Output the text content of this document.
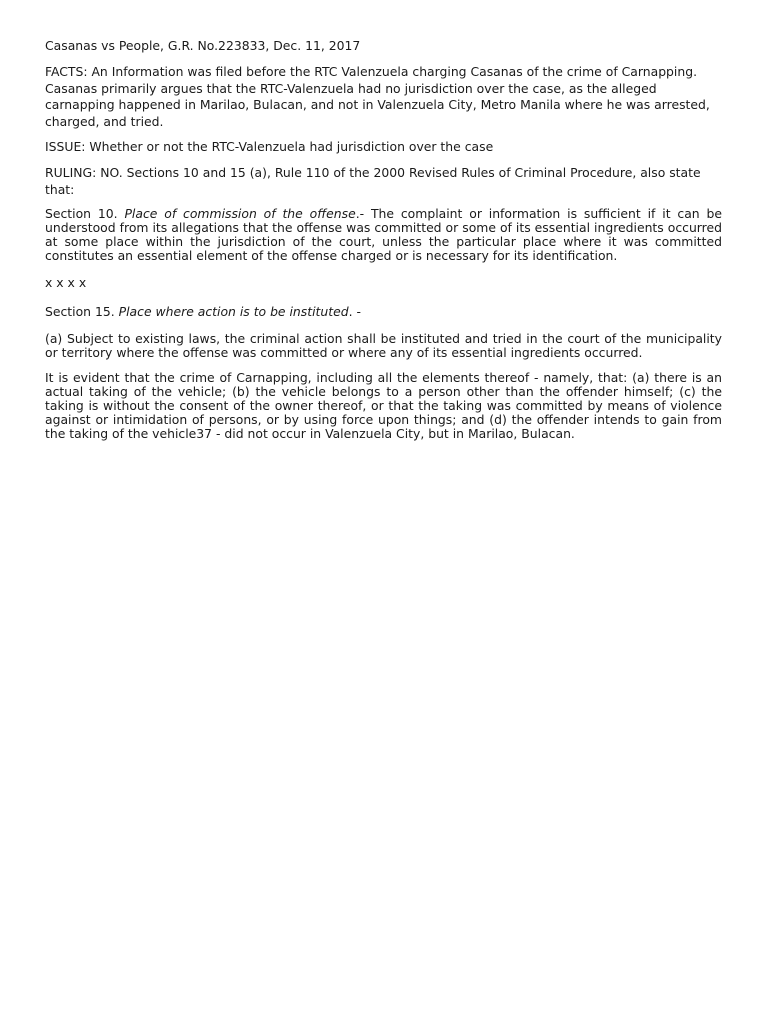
Casanas vs People, G.R. No.223833, Dec. 11, 2017

FACTS: An Information was filed before the RTC Valenzuela charging Casanas of the crime of Carnapping. Casanas primarily argues that the RTC-Valenzuela had no jurisdiction over the case, as the alleged carnapping happened in Marilao, Bulacan, and not in Valenzuela City, Metro Manila where he was arrested, charged, and tried.

ISSUE: Whether or not the RTC-Valenzuela had jurisdiction over the case

RULING: NO. Sections 10 and 15 (a), Rule 110 of the 2000 Revised Rules of Criminal Procedure, also state that:

Section 10. Place of commission of the offense.- The complaint or information is sufficient if it can be understood from its allegations that the offense was committed or some of its essential ingredients occurred at some place within the jurisdiction of the court, unless the particular place where it was committed constitutes an essential element of the offense charged or is necessary for its identification.

x x x x

Section 15. Place where action is to be instituted. -

(a) Subject to existing laws, the criminal action shall be instituted and tried in the court of the municipality or territory where the offense was committed or where any of its essential ingredients occurred.

It is evident that the crime of Carnapping, including all the elements thereof - namely, that: (a) there is an actual taking of the vehicle; (b) the vehicle belongs to a person other than the offender himself; (c) the taking is without the consent of the owner thereof, or that the taking was committed by means of violence against or intimidation of persons, or by using force upon things; and (d) the offender intends to gain from the taking of the vehicle37 - did not occur in Valenzuela City, but in Marilao, Bulacan.
